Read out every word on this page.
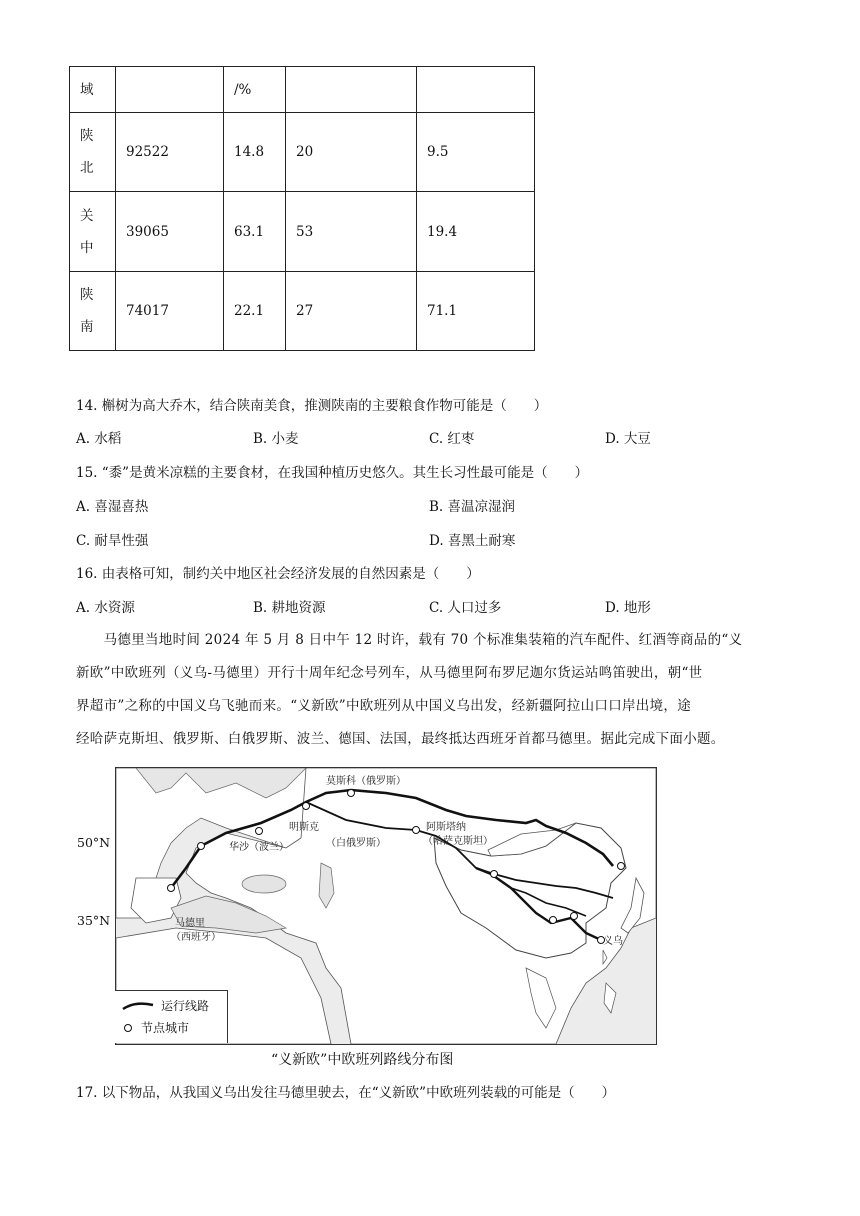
域		/%		
陕
北	92522	14.8	20	9.5
关
中	39065	63.1	53	19.4
陕
南	74017	22.1	27	71.1
14. 槲树为高大乔木，结合陕南美食，推测陕南的主要粮食作物可能是（　　）
A. 水稻	B. 小麦	C. 红枣	D. 大豆
15. “黍”是黄米凉糕的主要食材，在我国种植历史悠久。其生长习性最可能是（　　）
A. 喜湿喜热	B. 喜温凉湿润
C. 耐旱性强	D. 喜黑土耐寒
16. 由表格可知，制约关中地区社会经济发展的自然因素是（　　）
A. 水资源	B. 耕地资源	C. 人口过多	D. 地形

　　马德里当地时间 2024 年 5 月 8 日中午 12 时许，载有 70 个标准集装箱的汽车配件、红酒等商品的“义

新欧”中欧班列（义乌-马德里）开行十周年纪念号列车，从马德里阿布罗尼迦尔货运站鸣笛驶出，朝“世

界超市”之称的中国义乌飞驰而来。“义新欧”中欧班列从中国义乌出发，经新疆阿拉山口口岸出境，途

经哈萨克斯坦、俄罗斯、白俄罗斯、波兰、德国、法国，最终抵达西班牙首都马德里。据此完成下面小题。

50°N
35°N
莫斯科（俄罗斯）
明斯克
（白俄罗斯）
华沙（波兰）
阿斯塔纳
（哈萨克斯坦）
马德里
（西班牙）	义乌
运行线路
节点城市
“义新欧”中欧班列路线分布图
17. 以下物品，从我国义乌出发往马德里驶去，在“义新欧”中欧班列装载的可能是（　　）
